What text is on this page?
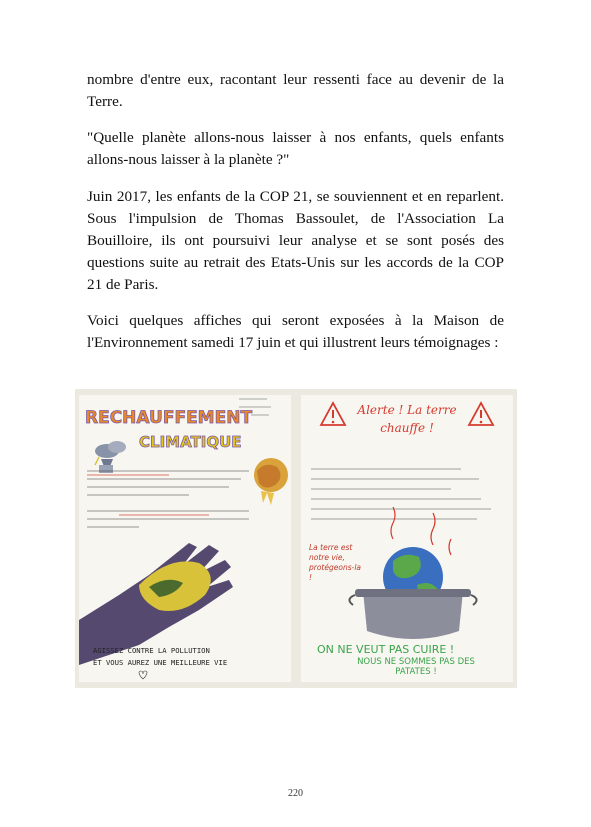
nombre d'entre eux, racontant leur ressenti face au devenir de la Terre.

"Quelle planète allons-nous laisser à nos enfants, quels enfants allons-nous laisser à la planète ?"

Juin 2017, les enfants de la COP 21, se souviennent et en reparlent. Sous l'impulsion de Thomas Bassoulet, de l'Association La Bouilloire, ils ont poursuivi leur analyse et se sont posés des questions suite au retrait des Etats-Unis sur les accords de la COP 21 de Paris.

Voici quelques affiches qui seront exposées à la Maison de l'Environnement samedi 17 juin et qui illustrent leurs témoignages :

RECHAUFFEMENT
CLIMATIQUE
AGISSEZ CONTRE LA POLLUTION
ET VOUS AUREZ UNE MEILLEURE VIE
Alerte ! La terre chauffe !
La terre est notre vie, protégeons-la !
ON NE VEUT PAS CUIRE !
NOUS NE SOMMES PAS DES PATATES !
220
